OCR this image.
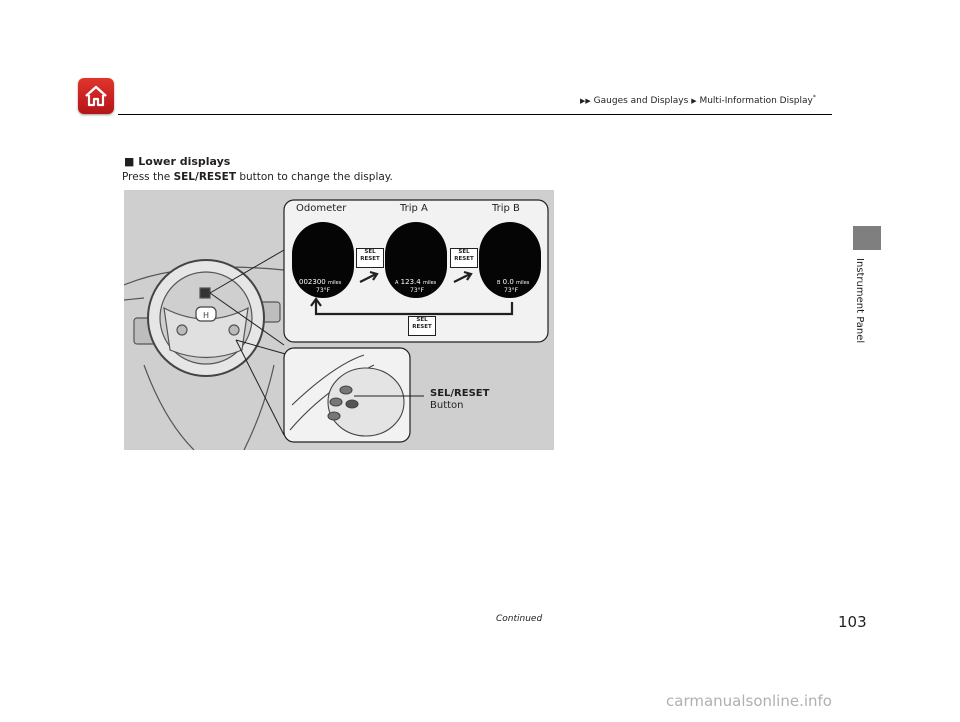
▶▶ Gauges and Displays ▶ Multi-Information Display*
Instrument Panel
■ Lower displays
Press the SEL/RESET button to change the display.
H
Odometer	Trip A	Trip B
002300 miles
73°F
A 123.4 miles
73°F
B 0.0 miles
73°F
SEL
RESET
SEL
RESET
SEL
RESET
SEL/RESET
Button
Continued	103
carmanualsonline.info
